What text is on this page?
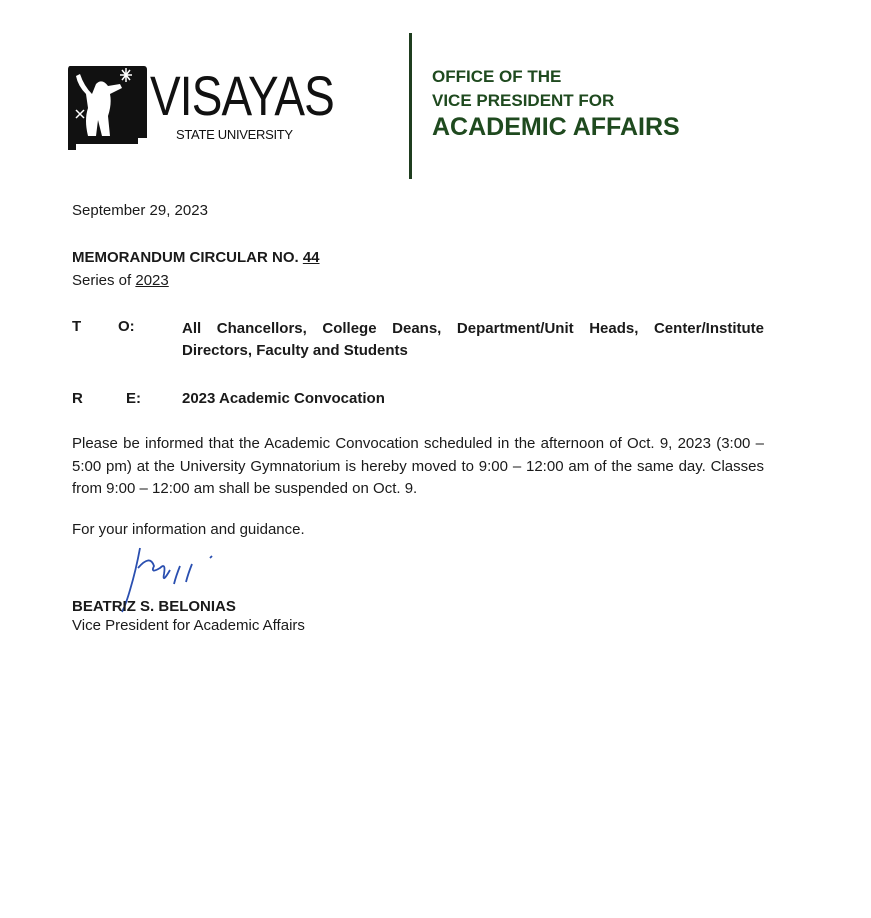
VISAYAS
STATE UNIVERSITY
OFFICE OF THE
VICE PRESIDENT FOR
ACADEMIC AFFAIRS
September 29, 2023
MEMORANDUM CIRCULAR NO. 44
Series of 2023
T O:	All Chancellors, College Deans, Department/Unit Heads, Center/Institute Directors, Faculty and Students
R	E:	2023 Academic Convocation
Please be informed that the Academic Convocation scheduled in the afternoon of Oct. 9, 2023 (3:00 – 5:00 pm) at the University Gymnatorium is hereby moved to 9:00 – 12:00 am of the same day. Classes from 9:00 – 12:00 am shall be suspended on Oct. 9.
For your information and guidance.
BEATRIZ S. BELONIAS
Vice President for Academic Affairs
